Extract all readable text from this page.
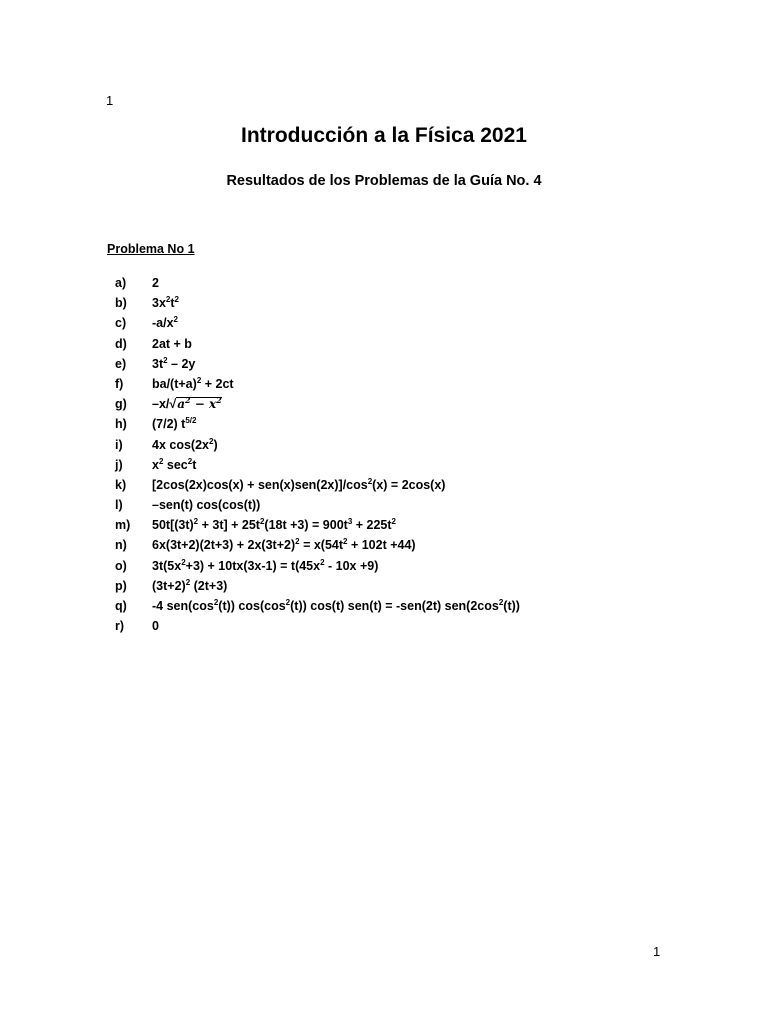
1
Introducción a la Física 2021
Resultados de los Problemas de la Guía No. 4
Problema No 1
a)	2
b)	$3x^2t^2$
c)	$-a/x^2$
d)	2at + b
e)	$3t^2 - 2y$
f)	$ba/(t+a)^2 + 2ct$
g)	$-x/√a^2 - x^2$
h)	(7/2) $t^{5/2}$
i)	4x $\cos(2x^2)$
j)	$x^2$ $\sec^2t$
k)	$[2\cos(2x)\cos(x) + sen(x)sen(2x)]/\cos^2(x) = 2\cos(x)$
l)	–sen(t) cos(cos(t))
m)	$50t[(3t)^2 + 3t] + 25t^2(18t +3) = 900t^3 + 225t^2$
n)	$6x(3t+2)(2t+3) + 2x(3t+2)^2 = x(54t^2 + 102t +44)$
o)	$3t(5x^2+3) + 10tx(3x-1) = t(45x^2 - 10x +9)$
p)	$(3t+2)^2$ (2t+3)
q)	-4 $sen(\cos^2(t))$ $\cos(\cos^2(t))$ cos(t) sen(t) = -sen(2t) $sen(2\cos^2(t))$
r)	0
1
